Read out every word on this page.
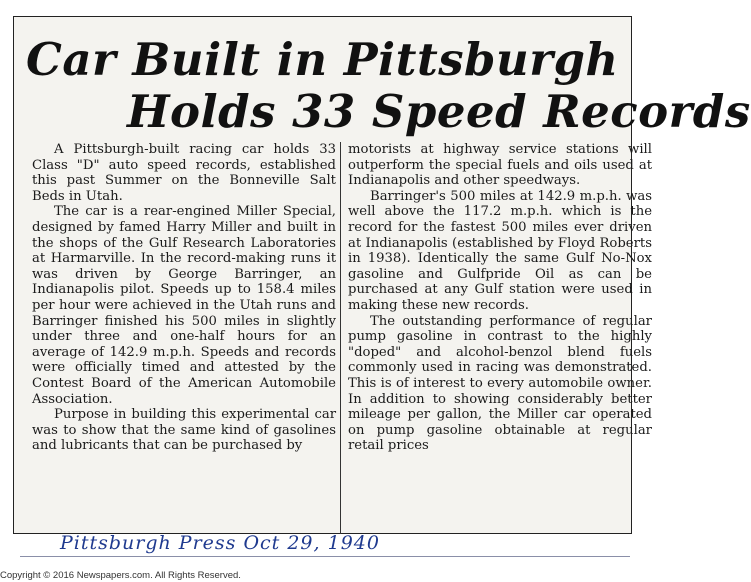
Car Built in Pittsburgh
Holds 33 Speed Records

A Pittsburgh-built racing car holds 33 Class "D" auto speed records, established this past Summer on the Bonneville Salt Beds in Utah.

The car is a rear-engined Miller Special, designed by famed Harry Miller and built in the shops of the Gulf Research Laboratories at Harmarville. In the record-making runs it was driven by George Barringer, an Indianapolis pilot. Speeds up to 158.4 miles per hour were achieved in the Utah runs and Barringer finished his 500 miles in slightly under three and one-half hours for an average of 142.9 m.p.h. Speeds and records were officially timed and attested by the Contest Board of the American Automobile Association.

Purpose in building this experimental car was to show that the same kind of gasolines and lubricants that can be purchased by

motorists at highway service stations will outperform the special fuels and oils used at Indianapolis and other speedways.

Barringer's 500 miles at 142.9 m.p.h. was well above the 117.2 m.p.h. which is the record for the fastest 500 miles ever driven at Indianapolis (established by Floyd Roberts in 1938). Identically the same Gulf No-Nox gasoline and Gulfpride Oil as can be purchased at any Gulf station were used in making these new records.

The outstanding performance of regular pump gasoline in contrast to the highly "doped" and alcohol-benzol blend fuels commonly used in racing was demonstrated. This is of interest to every automobile owner. In addition to showing considerably better mileage per gallon, the Miller car operated on pump gasoline obtainable at regular retail prices

Pittsburgh Press Oct 29, 1940
Copyright © 2016 Newspapers.com. All Rights Reserved.
